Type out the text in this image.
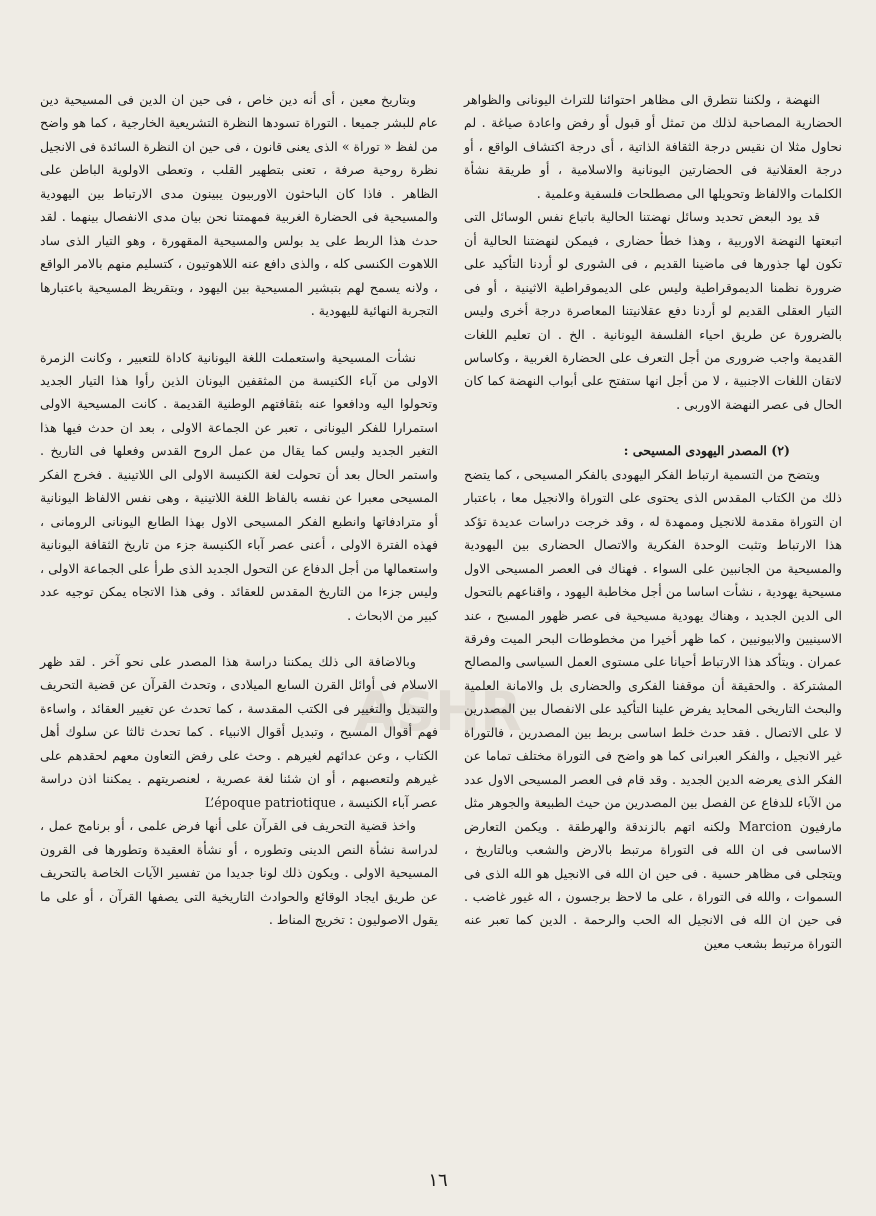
ASHR

النهضة ، ولكننا نتطرق الى مظاهر احتوائنا للتراث اليونانى والظواهر الحضارية المصاحبة لذلك من تمثل أو قبول أو رفض واعادة صياغة . لم نحاول مثلا ان نقيس درجة الثقافة الذاتية ، أى درجة اكتشاف الواقع ، أو درجة العقلانية فى الحضارتين اليونانية والاسلامية ، أو طريقة نشأة الكلمات والالفاظ وتحويلها الى مصطلحات فلسفية وعلمية .

قد يود البعض تحديد وسائل نهضتنا الحالية باتباع نفس الوسائل التى اتبعتها النهضة الاوربية ، وهذا خطأ حضارى ، فيمكن لنهضتنا الحالية أن تكون لها جذورها فى ماضينا القديم ، فى الشورى لو أردنا التأكيد على ضرورة نظمنا الديموقراطية وليس على الديموقراطية الاثينية ، أو فى التيار العقلى القديم لو أردنا دفع عقلانيتنا المعاصرة درجة أخرى وليس بالضرورة عن طريق احياء الفلسفة اليونانية . الخ . ان تعليم اللغات القديمة واجب ضرورى من أجل التعرف على الحضارة الغربية ، وكاساس لاتقان اللغات الاجنبية ، لا من أجل انها ستفتح على أبواب النهضة كما كان الحال فى عصر النهضة الاوربى .

(٢) المصدر اليهودى المسيحى :

ويتضح من التسمية ارتباط الفكر اليهودى بالفكر المسيحى ، كما يتضح ذلك من الكتاب المقدس الذى يحتوى على التوراة والانجيل معا ، باعتبار ان التوراة مقدمة للانجيل وممهدة له ، وقد خرجت دراسات عديدة تؤكد هذا الارتباط وتثبت الوحدة الفكرية والاتصال الحضارى بين اليهودية والمسيحية من الجانبين على السواء . فهناك فى العصر المسيحى الاول مسيحية يهودية ، نشأت اساسا من أجل مخاطبة اليهود ، واقناعهم بالتحول الى الدين الجديد ، وهناك يهودية مسيحية فى عصر ظهور المسيح ، عند الاسينيين والابيونيين ، كما ظهر أخيرا من مخطوطات البحر الميت وفرقة عمران . ويتأكد هذا الارتباط أحيانا على مستوى العمل السياسى والمصالح المشتركة . والحقيقة أن موقفنا الفكرى والحضارى بل والامانة العلمية والبحث التاريخى المحايد يفرض علينا التأكيد على الانفصال بين المصدرين لا على الاتصال . فقد حدث خلط اساسى بربط بين المصدرين ، فالتوراة غير الانجيل ، والفكر العبرانى كما هو واضح فى التوراة مختلف تماما عن الفكر الذى يعرضه الدين الجديد . وقد قام فى العصر المسيحى الاول عدد من الآباء للدفاع عن الفصل بين المصدرين من حيث الطبيعة والجوهر مثل مارفيون Marcion ولكنه اتهم بالزندقة والهرطقة . ويكمن التعارض الاساسى فى ان الله فى التوراة مرتبط بالارض والشعب وبالتاريخ ، ويتجلى فى مظاهر حسية . فى حين ان الله فى الانجيل هو الله الذى فى السموات ، والله فى التوراة ، على ما لاحظ برجسون ، اله غيور غاضب . فى حين ان الله فى الانجيل اله الحب والرحمة . الدين كما تعبر عنه التوراة مرتبط بشعب معين

وبتاريخ معين ، أى أنه دين خاص ، فى حين ان الدين فى المسيحية دين عام للبشر جميعا . التوراة تسودها النظرة التشريعية الخارجية ، كما هو واضح من لفظ « توراة » الذى يعنى قانون ، فى حين ان النظرة السائدة فى الانجيل نظرة روحية صرفة ، تعنى بتطهير القلب ، وتعطى الاولوية الباطن على الظاهر . فاذا كان الباحثون الاوربيون يبينون مدى الارتباط بين اليهودية والمسيحية فى الحضارة الغربية فمهمتنا نحن بيان مدى الانفصال بينهما . لقد حدث هذا الربط على يد بولس والمسيحية المقهورة ، وهو التيار الذى ساد اللاهوت الكنسى كله ، والذى دافع عنه اللاهوتيون ، كتسليم منهم بالامر الواقع ، ولانه يسمح لهم بتبشير المسيحية بين اليهود ، وبتقريظ المسيحية باعتبارها التجربة النهائية لليهودية .

نشأت المسيحية واستعملت اللغة اليونانية كاداة للتعبير ، وكانت الزمرة الاولى من آباء الكنيسة من المثقفين اليونان الذين رأوا هذا التيار الجديد وتحولوا اليه ودافعوا عنه بثقافتهم الوطنية القديمة . كانت المسيحية الاولى استمرارا للفكر اليونانى ، تعبر عن الجماعة الاولى ، بعد ان حدث فيها هذا التغير الجديد وليس كما يقال من عمل الروح القدس وفعلها فى التاريخ . واستمر الحال بعد أن تحولت لغة الكنيسة الاولى الى اللاتينية . فخرج الفكر المسيحى معبرا عن نفسه بالفاظ اللغة اللاتينية ، وهى نفس الالفاظ اليونانية أو مترادفاتها وانطبع الفكر المسيحى الاول بهذا الطابع اليونانى الرومانى ، فهذه الفترة الاولى ، أعنى عصر آباء الكنيسة جزء من تاريخ الثقافة اليونانية واستعمالها من أجل الدفاع عن التحول الجديد الذى طرأ على الجماعة الاولى ، وليس جزءا من التاريخ المقدس للعقائد . وفى هذا الاتجاه يمكن توجيه عدد كبير من الابحاث .

وبالاضافة الى ذلك يمكننا دراسة هذا المصدر على نحو آخر . لقد ظهر الاسلام فى أوائل القرن السابع الميلادى ، وتحدث القرآن عن قضية التحريف والتبديل والتغيير فى الكتب المقدسة ، كما تحدث عن تغيير العقائد ، واساءة فهم أقوال المسيح ، وتبديل أقوال الانبياء . كما تحدث ثالثا عن سلوك أهل الكتاب ، وعن عدائهم لغيرهم . وحث على رفض التعاون معهم لحقدهم على غيرهم ولتعصبهم ، أو ان شئنا لغة عصرية ، لعنصريتهم . يمكننا اذن دراسة عصر آباء الكنيسة ، L’époque patriotique

واخذ قضية التحريف فى القرآن على أنها فرض علمى ، أو برنامج عمل ، لدراسة نشأة النص الدينى وتطوره ، أو نشأة العقيدة وتطورها فى القرون المسيحية الاولى . ويكون ذلك لونا جديدا من تفسير الآيات الخاصة بالتحريف عن طريق ايجاد الوقائع والحوادث التاريخية التى يصفها القرآن ، أو على ما يقول الاصوليون : تخريج المناط .

١٦
